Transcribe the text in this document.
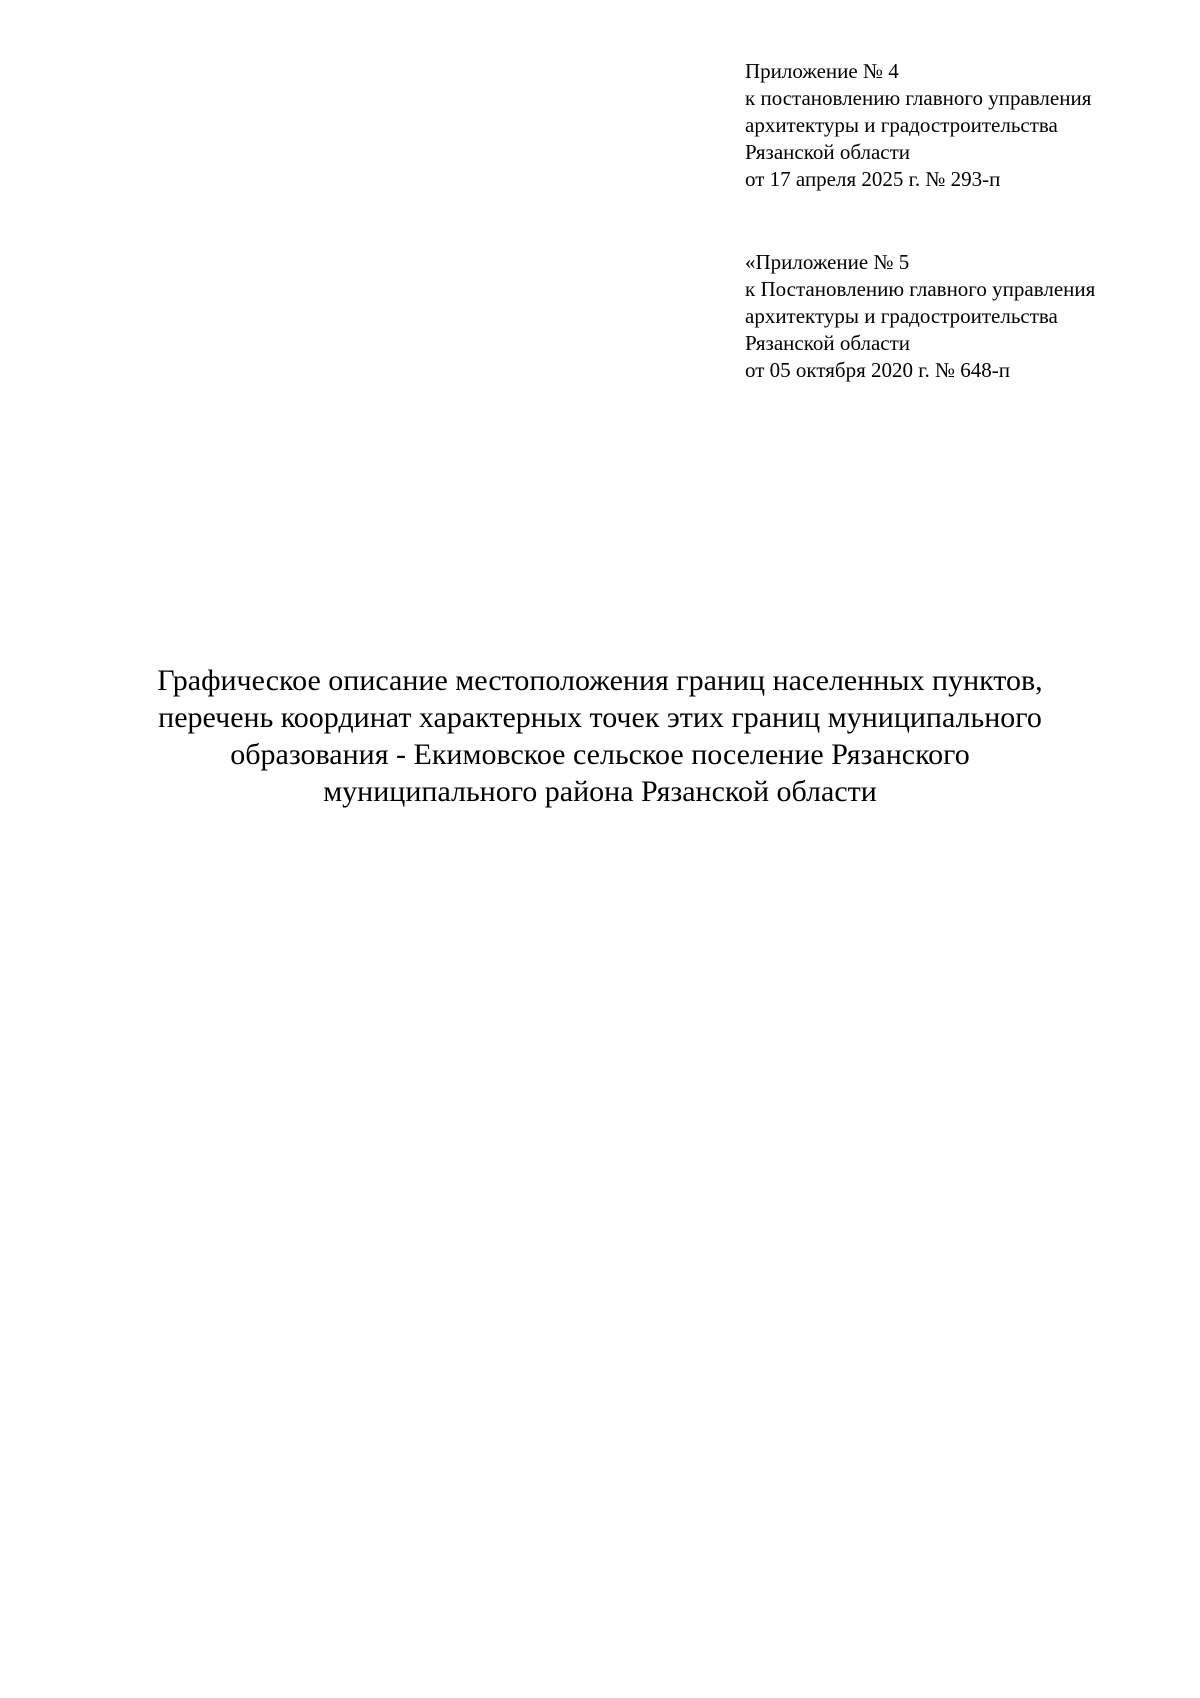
Приложение № 4
к постановлению главного управления
архитектуры и градостроительства
Рязанской области
от 17 апреля 2025 г. № 293-п
«Приложение № 5
к Постановлению главного управления
архитектуры и градостроительства
Рязанской области
от 05 октября 2020 г. № 648-п
Графическое описание местоположения границ населенных пунктов,
перечень координат характерных точек этих границ муниципального
образования - Екимовское сельское поселение Рязанского
муниципального района Рязанской области
